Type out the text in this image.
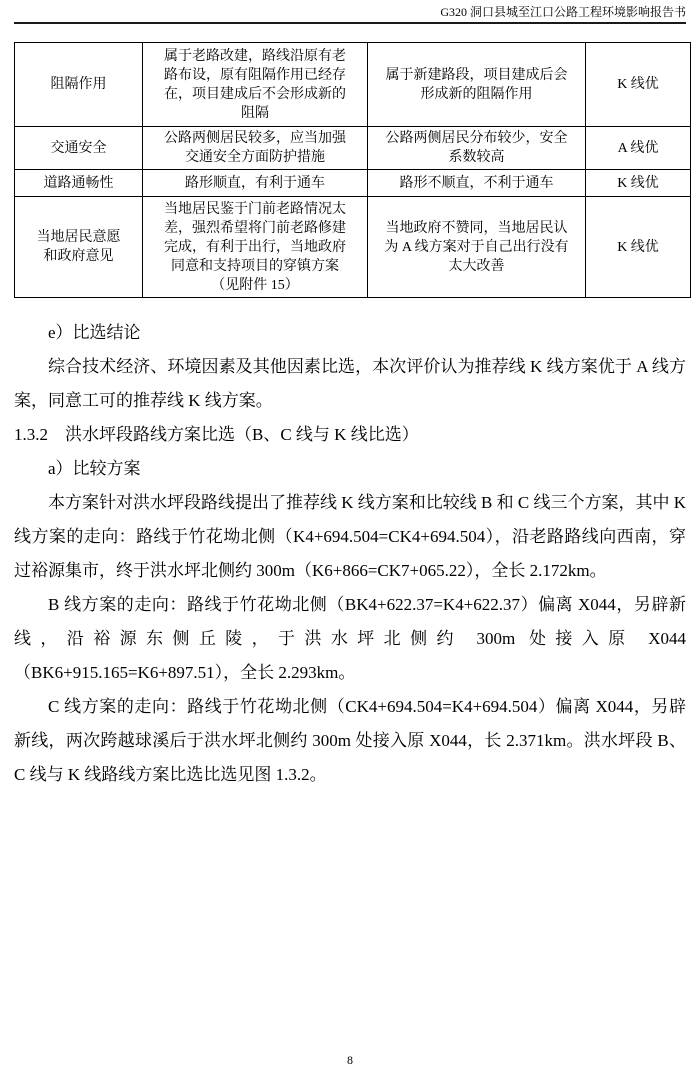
G320 洞口县城至江口公路工程环境影响报告书
阻隔作用	属于老路改建，路线沿原有老路布设，原有阻隔作用已经存在，项目建成后不会形成新的阻隔	属于新建路段，项目建成后会形成新的阻隔作用	K 线优
交通安全	公路两侧居民较多，应当加强交通安全方面防护措施	公路两侧居民分布较少，安全系数较高	A 线优
道路通畅性	路形顺直，有利于通车	路形不顺直，不利于通车	K 线优
当地居民意愿和政府意见	当地居民鉴于门前老路情况太差，强烈希望将门前老路修建完成，有利于出行，当地政府同意和支持项目的穿镇方案（见附件 15）	当地政府不赞同，当地居民认为 A 线方案对于自己出行没有太大改善	K 线优

e）比选结论

综合技术经济、环境因素及其他因素比选，本次评价认为推荐线 K 线方案优于 A 线方案，同意工可的推荐线 K 线方案。

1.3.2　洪水坪段路线方案比选（B、C 线与 K 线比选）

a）比较方案

本方案针对洪水坪段路线提出了推荐线 K 线方案和比较线 B 和 C 线三个方案，其中 K 线方案的走向：路线于竹花坳北侧（K4+694.504=CK4+694.504），沿老路路线向西南，穿过裕源集市，终于洪水坪北侧约 300m（K6+866=CK7+065.22），全长 2.172km。

B 线方案的走向：路线于竹花坳北侧（BK4+622.37=K4+622.37）偏离 X044，另辟新线，沿裕源东侧丘陵，于洪水坪北侧约 300m 处接入原 X044（BK6+915.165=K6+897.51），全长 2.293km。

C 线方案的走向：路线于竹花坳北侧（CK4+694.504=K4+694.504）偏离 X044，另辟新线，两次跨越球溪后于洪水坪北侧约 300m 处接入原 X044，长 2.371km。洪水坪段 B、C 线与 K 线路线方案比选比选见图 1.3.2。

8
